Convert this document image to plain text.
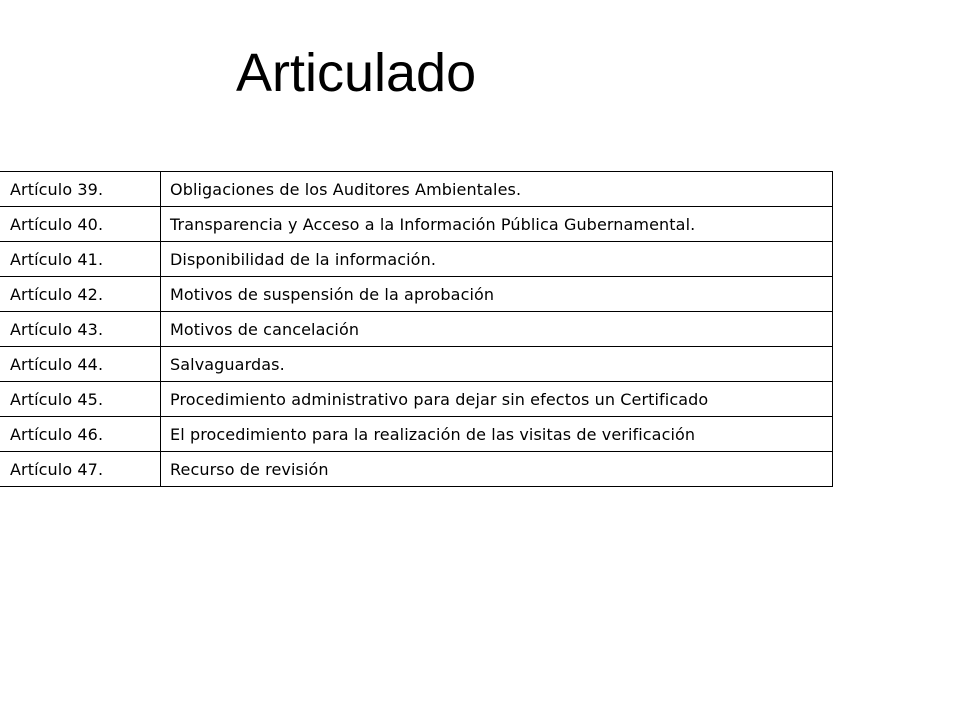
Articulado
Artículo 39.	Obligaciones de los Auditores Ambientales.
Artículo 40.	Transparencia y Acceso a la Información Pública Gubernamental.
Artículo 41.	Disponibilidad de la información.
Artículo 42.	Motivos de suspensión de la aprobación
Artículo 43.	Motivos de cancelación
Artículo 44.	Salvaguardas.
Artículo 45.	Procedimiento administrativo para dejar sin efectos un Certificado
Artículo 46.	El procedimiento para la realización de las visitas de verificación
Artículo 47.	Recurso de revisión
